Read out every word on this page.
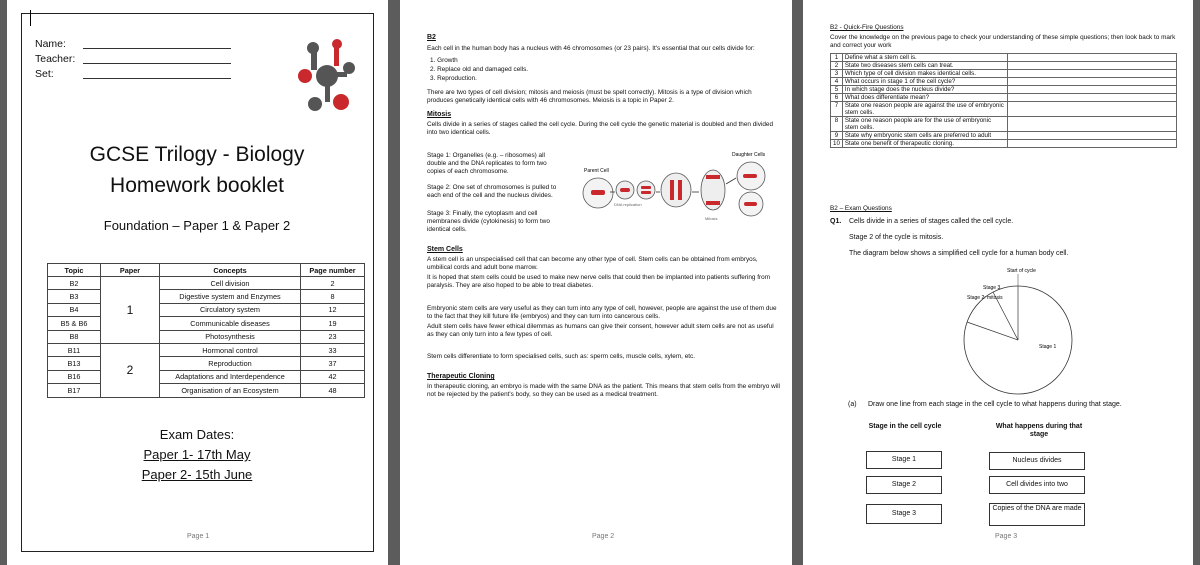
Name:
Teacher:
Set:
GCSE Trilogy - Biology
Homework booklet
Foundation – Paper 1 & Paper 2
Topic	Paper	Concepts	Page number
B2	1	Cell division	2
B3		Digestive system and Enzymes	8
B4		Circulatory system	12
B5 & B6		Communicable diseases	19
B8		Photosynthesis	23
B11	2	Hormonal control	33
B13		Reproduction	37
B16		Adaptations and Interdependence	42
B17		Organisation of an Ecosystem	48
Exam Dates:
Paper 1- 17th May
Paper 2- 15th June
Page 1
B2
Each cell in the human body has a nucleus with 46 chromosomes (or 23 pairs). It's essential that our cells divide for:
1. Growth
2. Replace old and damaged cells.
3. Reproduction.
There are two types of cell division; mitosis and meiosis (must be spelt correctly). Mitosis is a type of division which produces genetically identical cells with 46 chromosomes. Meiosis is a topic in Paper 2.
Mitosis
Cells divide in a series of stages called the cell cycle. During the cell cycle the genetic material is doubled and then divided into two identical cells.
Stage 1: Organelles (e.g. – ribosomes) all double and the DNA replicates to form two copies of each chromosome.
Stage 2: One set of chromosomes is pulled to each end of the cell and the nucleus divides.
Stage 3: Finally, the cytoplasm and cell membranes divide (cytokinesis) to form two identical cells.
Parent Cell
Daughter Cells
DNA replication
Mitosis
Stem Cells
A stem cell is an unspecialised cell that can become any other type of cell. Stem cells can be obtained from embryos, umbilical cords and adult bone marrow.
It is hoped that stem cells could be used to make new nerve cells that could then be implanted into patients suffering from paralysis. They are also hoped to be able to treat diabetes.
Embryonic stem cells are very useful as they can turn into any type of cell, however, people are against the use of them due to the fact that they kill future life (embryos) and they can turn into cancerous cells.
Adult stem cells have fewer ethical dilemmas as humans can give their consent, however adult stem cells are not as useful as they can only turn into a few types of cell.
Stem cells differentiate to form specialised cells, such as: sperm cells, muscle cells, xylem, etc.
Therapeutic Cloning
In therapeutic cloning, an embryo is made with the same DNA as the patient. This means that stem cells from the embryo will not be rejected by the patient's body, so they can be used as a medical treatment.
Page 2
B2 - Quick-Fire Questions
Cover the knowledge on the previous page to check your understanding of these simple questions; then look back to mark and correct your work
1	Define what a stem cell is.	
2	State two diseases stem cells can treat.	
3	Which type of cell division makes identical cells.	
4	What occurs in stage 1 of the cell cycle?	
5	In which stage does the nucleus divide?	
6	What does differentiate mean?	
7	State one reason people are against the use of embryonic stem cells.	
8	State one reason people are for the use of embryonic stem cells.	
9	State why embryonic stem cells are preferred to adult	
10	State one benefit of therapeutic cloning.	
B2 – Exam Questions
Q1. Cells divide in a series of stages called the cell cycle.
Stage 2 of the cycle is mitosis.
The diagram below shows a simplified cell cycle for a human body cell.
Start of cycle
Stage 3
Stage 2: mitosis
Stage 1
(a) Draw one line from each stage in the cell cycle to what happens during that stage.
Stage in the cell cycle	What happens during that stage
Stage 1
Stage 2
Stage 3
Nucleus divides
Cell divides into two
Copies of the DNA are made
Page 3
